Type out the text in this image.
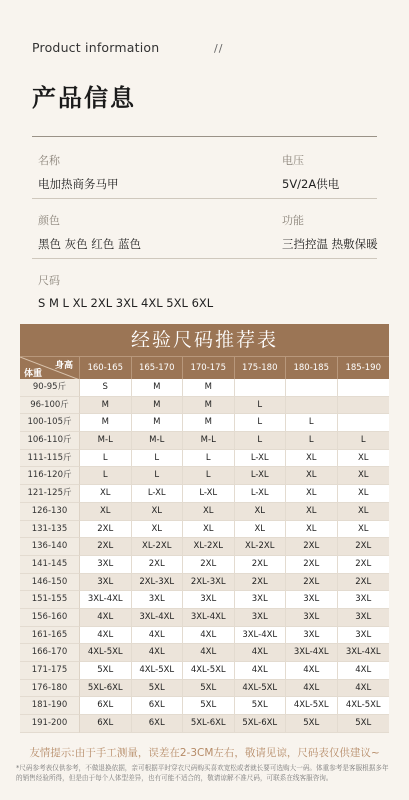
Product information	//
产品信息
名称
电加热商务马甲
电压
5V/2A供电
颜色
黑色 灰色 红色 蓝色
功能
三挡控温 热敷保暖
尺码
S M L XL 2XL 3XL 4XL 5XL 6XL
经验尺码推荐表
身高
体重
160-165	165-170	170-175	175-180	180-185	185-190
90-95斤	S	M	M
96-100斤	M	M	M	L
100-105斤	M	M	M	L	L
106-110斤	M-L	M-L	M-L	L	L	L
111-115斤	L	L	L	L-XL	XL	XL
116-120斤	L	L	L	L-XL	XL	XL
121-125斤	XL	L-XL	L-XL	L-XL	XL	XL
126-130	XL	XL	XL	XL	XL	XL
131-135	2XL	XL	XL	XL	XL	XL
136-140	2XL	XL-2XL	XL-2XL	XL-2XL	2XL	2XL
141-145	3XL	2XL	2XL	2XL	2XL	2XL
146-150	3XL	2XL-3XL	2XL-3XL	2XL	2XL	2XL
151-155	3XL-4XL	3XL	3XL	3XL	3XL	3XL
156-160	4XL	3XL-4XL	3XL-4XL	3XL	3XL	3XL
161-165	4XL	4XL	4XL	3XL-4XL	3XL	3XL
166-170	4XL-5XL	4XL	4XL	4XL	3XL-4XL	3XL-4XL
171-175	5XL	4XL-5XL	4XL-5XL	4XL	4XL	4XL
176-180	5XL-6XL	5XL	5XL	4XL-5XL	4XL	4XL
181-190	6XL	6XL	5XL	5XL	4XL-5XL	4XL-5XL
191-200	6XL	6XL	5XL-6XL	5XL-6XL	5XL	5XL
友情提示:由于手工测量，误差在2-3CM左右，敬请见谅，尺码表仅供建议~
*尺码参考表仅供参考，不做退换依据，亲可根据平时穿衣尺码购买喜欢宽松或者就长要可选购大一码。体重参考是客服根据多年的销售经验所得，但是由于每个人体型差异，也有可能不适合的，敬请谅解不准尺码，可联系在线客服咨询。
